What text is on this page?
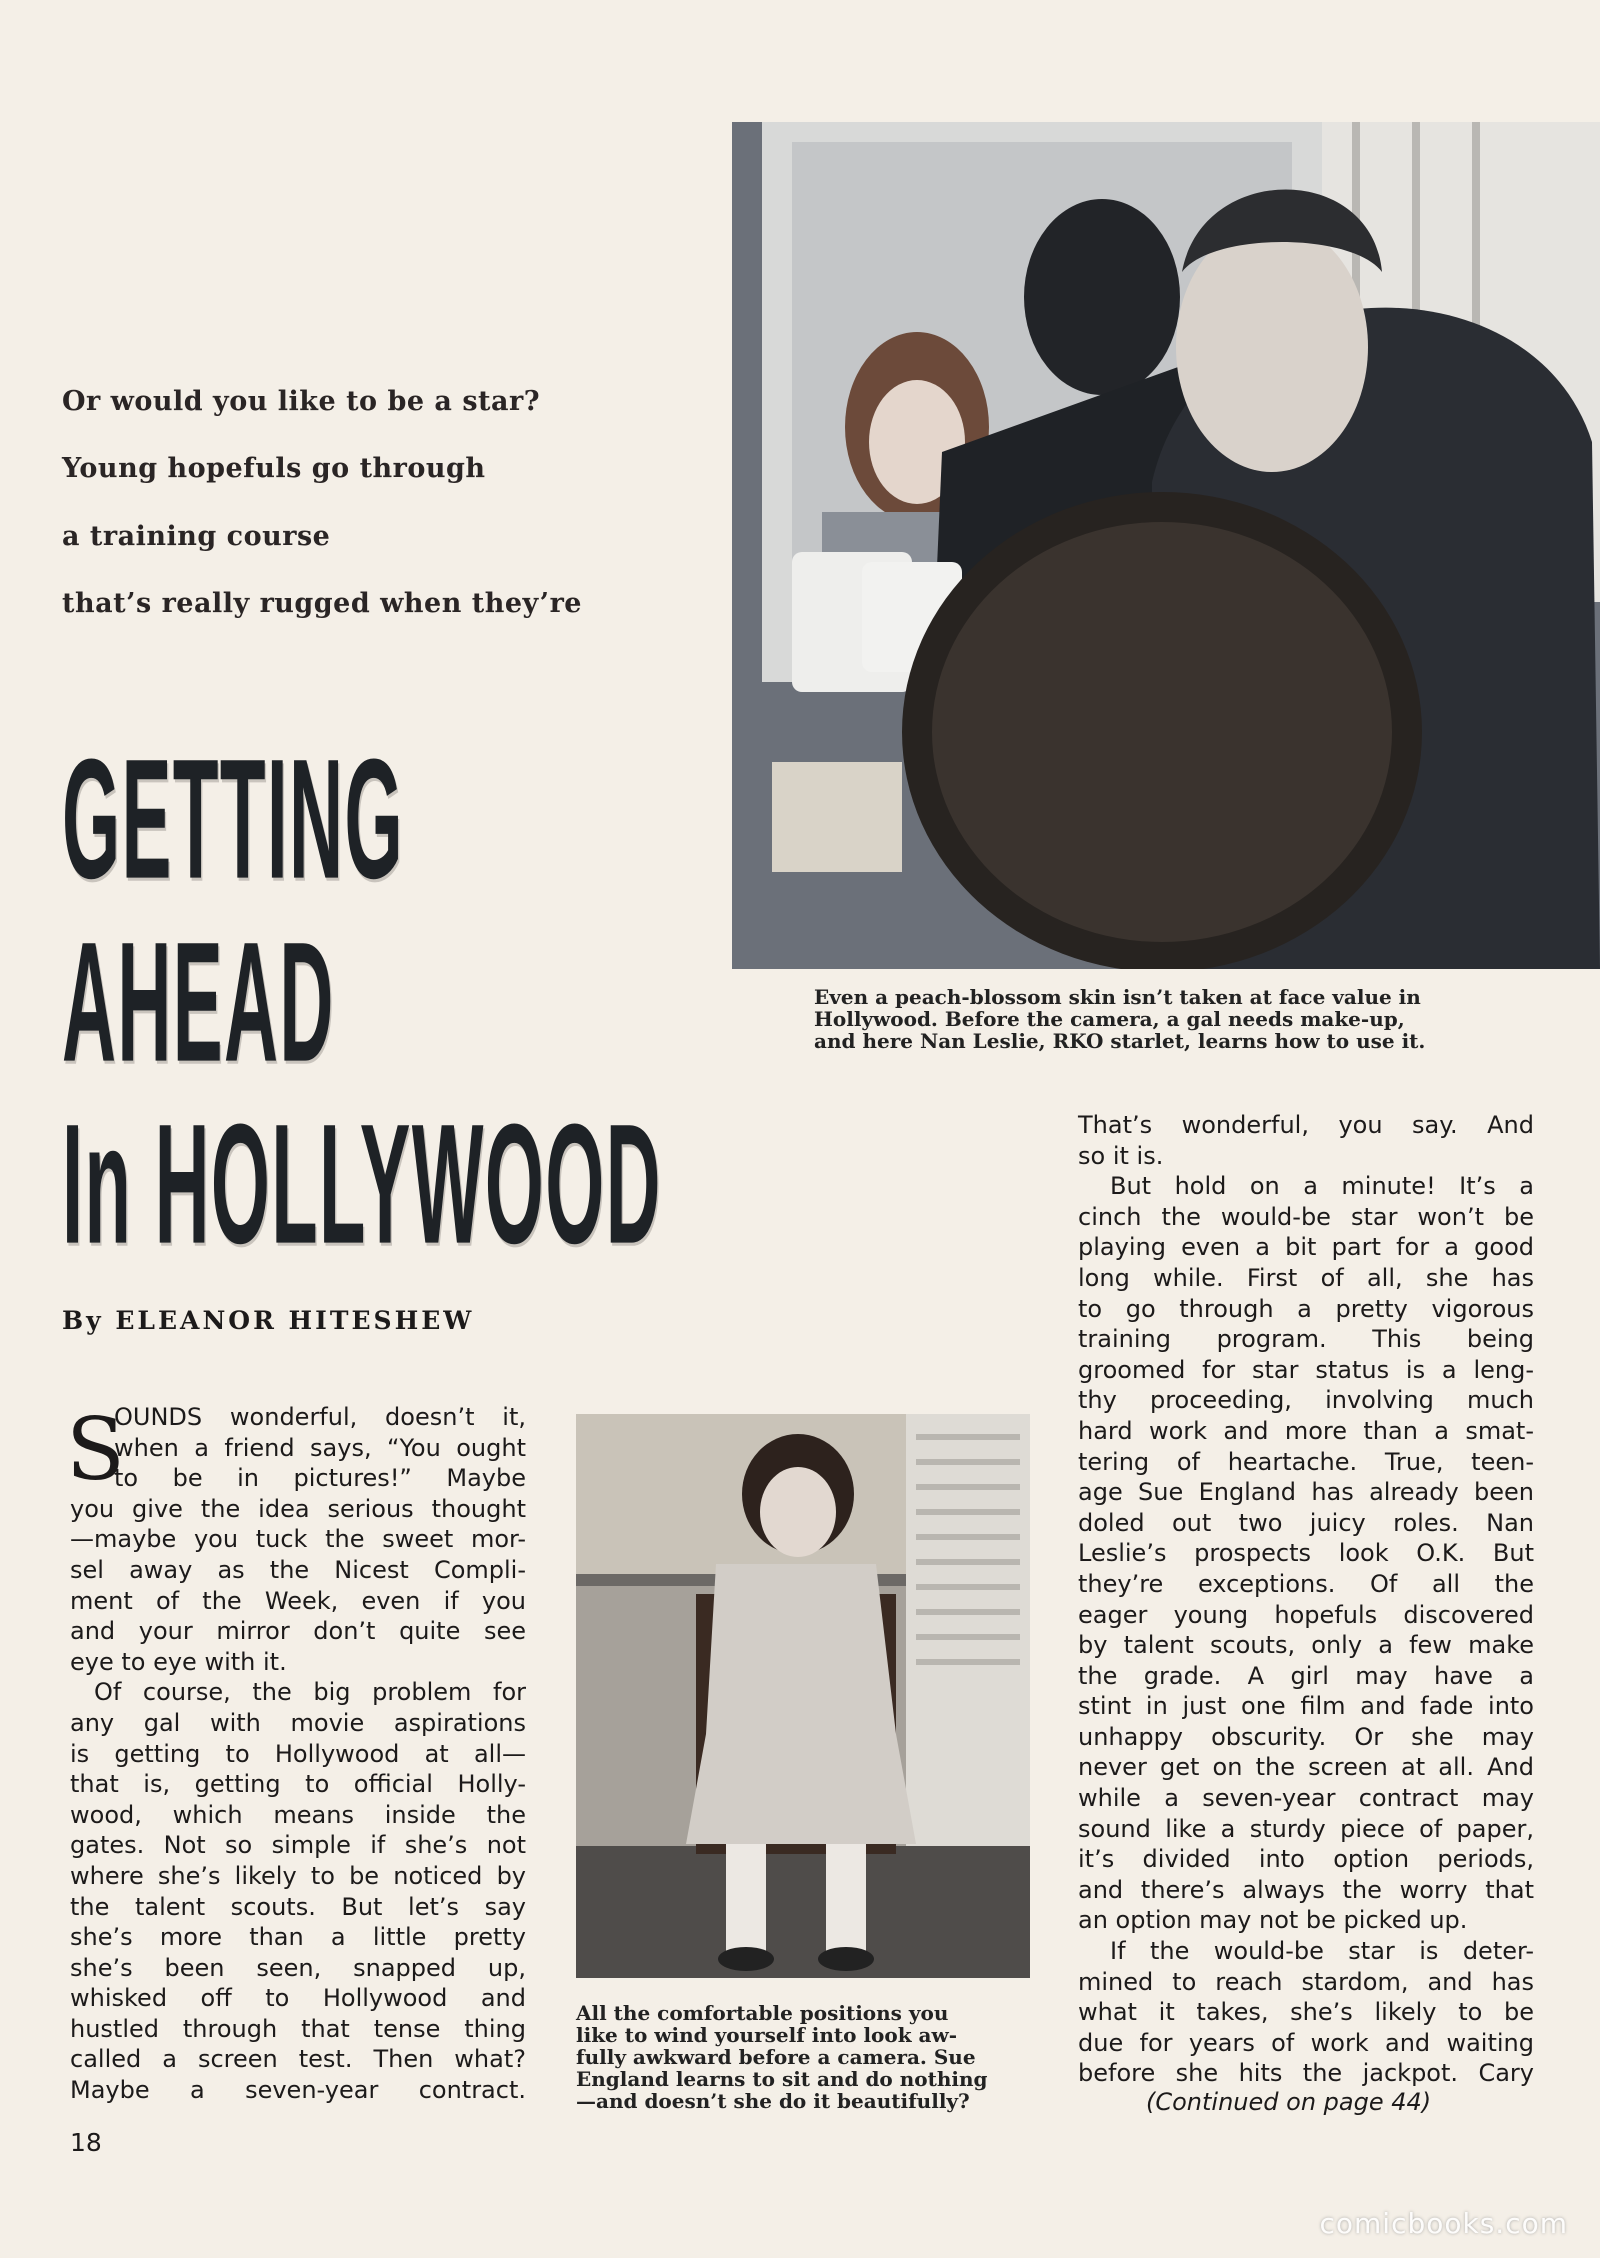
Or would you like to be a star?
Young hopefuls go through
a training course
that’s really rugged when they’re
GETTING
AHEAD
In HOLLYWOOD
By ELEANOR HITESHEW

Even a peach-blossom skin isn’t taken at face value in

Hollywood. Before the camera, a gal needs make-up,

and here Nan Leslie, RKO starlet, learns how to use it.

All the comfortable positions you

like to wind yourself into look aw-

fully awkward before a camera. Sue

England learns to sit and do nothing

—and doesn’t she do it beautifully?

S
OUNDS wonderful, doesn’t it,
when a friend says, “You ought
to be in pictures!” Maybe
you give the idea serious thought
—maybe you tuck the sweet mor-
sel away as the Nicest Compli-
ment of the Week, even if you
and your mirror don’t quite see
eye to eye with it.
Of course, the big problem for
any gal with movie aspirations
is getting to Hollywood at all—
that is, getting to official Holly-
wood, which means inside the
gates. Not so simple if she’s not
where she’s likely to be noticed by
the talent scouts. But let’s say
she’s more than a little pretty
she’s been seen, snapped up,
whisked off to Hollywood and
hustled through that tense thing
called a screen test. Then what?
Maybe a seven-year contract.
That’s wonderful, you say. And
so it is.
But hold on a minute! It’s a
cinch the would-be star won’t be
playing even a bit part for a good
long while. First of all, she has
to go through a pretty vigorous
training program. This being
groomed for star status is a leng-
thy proceeding, involving much
hard work and more than a smat-
tering of heartache. True, teen-
age Sue England has already been
doled out two juicy roles. Nan
Leslie’s prospects look O.K. But
they’re exceptions. Of all the
eager young hopefuls discovered
by talent scouts, only a few make
the grade. A girl may have a
stint in just one film and fade into
unhappy obscurity. Or she may
never get on the screen at all. And
while a seven-year contract may
sound like a sturdy piece of paper,
it’s divided into option periods,
and there’s always the worry that
an option may not be picked up.
If the would-be star is deter-
mined to reach stardom, and has
what it takes, she’s likely to be
due for years of work and waiting
before she hits the jackpot. Cary
(Continued on page 44)
18
comicbooks.com
